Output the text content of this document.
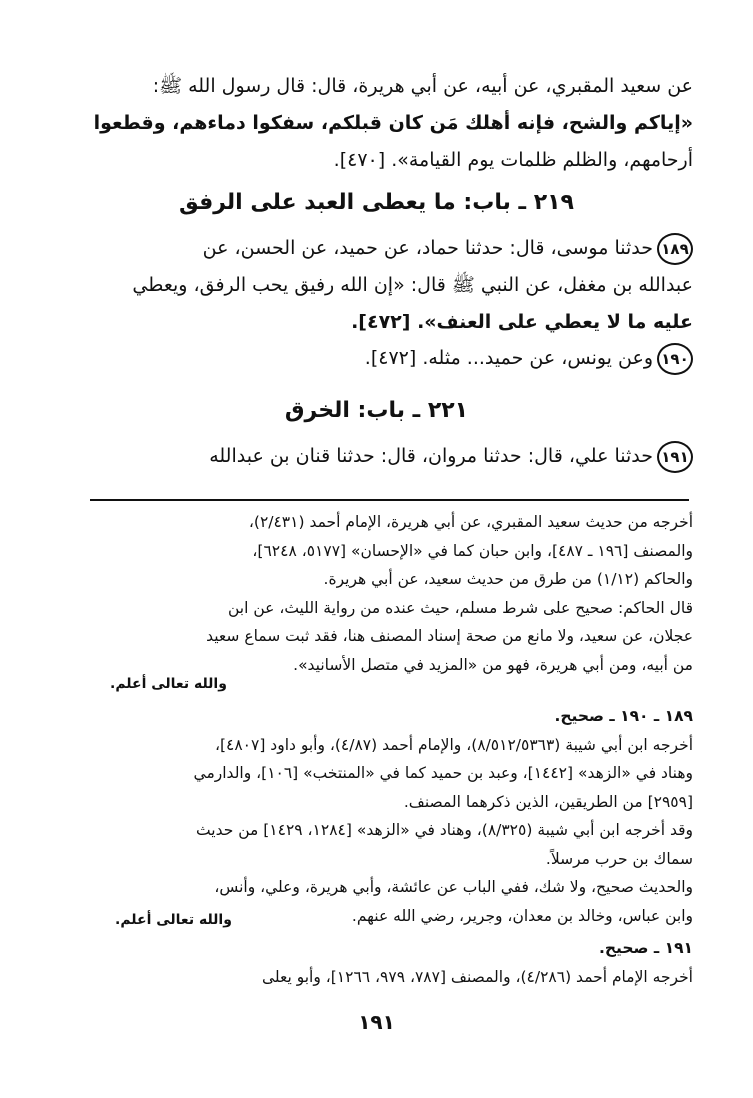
عن سعيد المقبري، عن أبيه، عن أبي هريرة، قال: قال رسول الله ﷺ:
«إياكم والشح، فإنه أهلك مَن كان قبلكم، سفكوا دماءهم، وقطعوا
أرحامهم، والظلم ظلمات يوم القيامة». [٤٧٠].
٢١٩ ـ باب: ما يعطى العبد على الرفق
١٨٩حدثنا موسى، قال: حدثنا حماد، عن حميد، عن الحسن، عن
عبدالله بن مغفل، عن النبي ﷺ قال: «إن الله رفيق يحب الرفق، ويعطي
عليه ما لا يعطي على العنف». [٤٧٢].
١٩٠وعن يونس، عن حميد... مثله. [٤٧٢].
٢٢١ ـ باب: الخرق
١٩١حدثنا علي، قال: حدثنا مروان، قال: حدثنا قنان بن عبدالله
أخرجه من حديث سعيد المقبري، عن أبي هريرة، الإمام أحمد (٢/٤٣١)،
والمصنف [١٩٦ ـ ٤٨٧]، وابن حبان كما في «الإحسان» [٥١٧٧، ٦٢٤٨]،
والحاكم (١/١٢) من طرق من حديث سعيد، عن أبي هريرة.
قال الحاكم: صحيح على شرط مسلم، حيث عنده من رواية الليث، عن ابن
عجلان، عن سعيد، ولا مانع من صحة إسناد المصنف هنا، فقد ثبت سماع سعيد
من أبيه، ومن أبي هريرة، فهو من «المزيد في متصل الأسانيد».
والله تعالى أعلم.
١٨٩ ـ ١٩٠ ـ صحيح.
أخرجه ابن أبي شيبة (٨/٥١٢/٥٣٦٣)، والإمام أحمد (٤/٨٧)، وأبو داود [٤٨٠٧]،
وهناد في «الزهد» [١٤٤٢]، وعبد بن حميد كما في «المنتخب» [١٠٦]، والدارمي
[٢٩٥٩] من الطريقين، الذين ذكرهما المصنف.
وقد أخرجه ابن أبي شيبة (٨/٣٢٥)، وهناد في «الزهد» [١٢٨٤، ١٤٢٩] من حديث
سماك بن حرب مرسلاً.
والحديث صحيح، ولا شك، ففي الباب عن عائشة، وأبي هريرة، وعلي، وأنس،
وابن عباس، وخالد بن معدان، وجرير، رضي الله عنهم.
والله تعالى أعلم.
١٩١ ـ صحيح.
أخرجه الإمام أحمد (٤/٢٨٦)، والمصنف [٧٨٧، ٩٧٩، ١٢٦٦]، وأبو يعلى
١٩١
